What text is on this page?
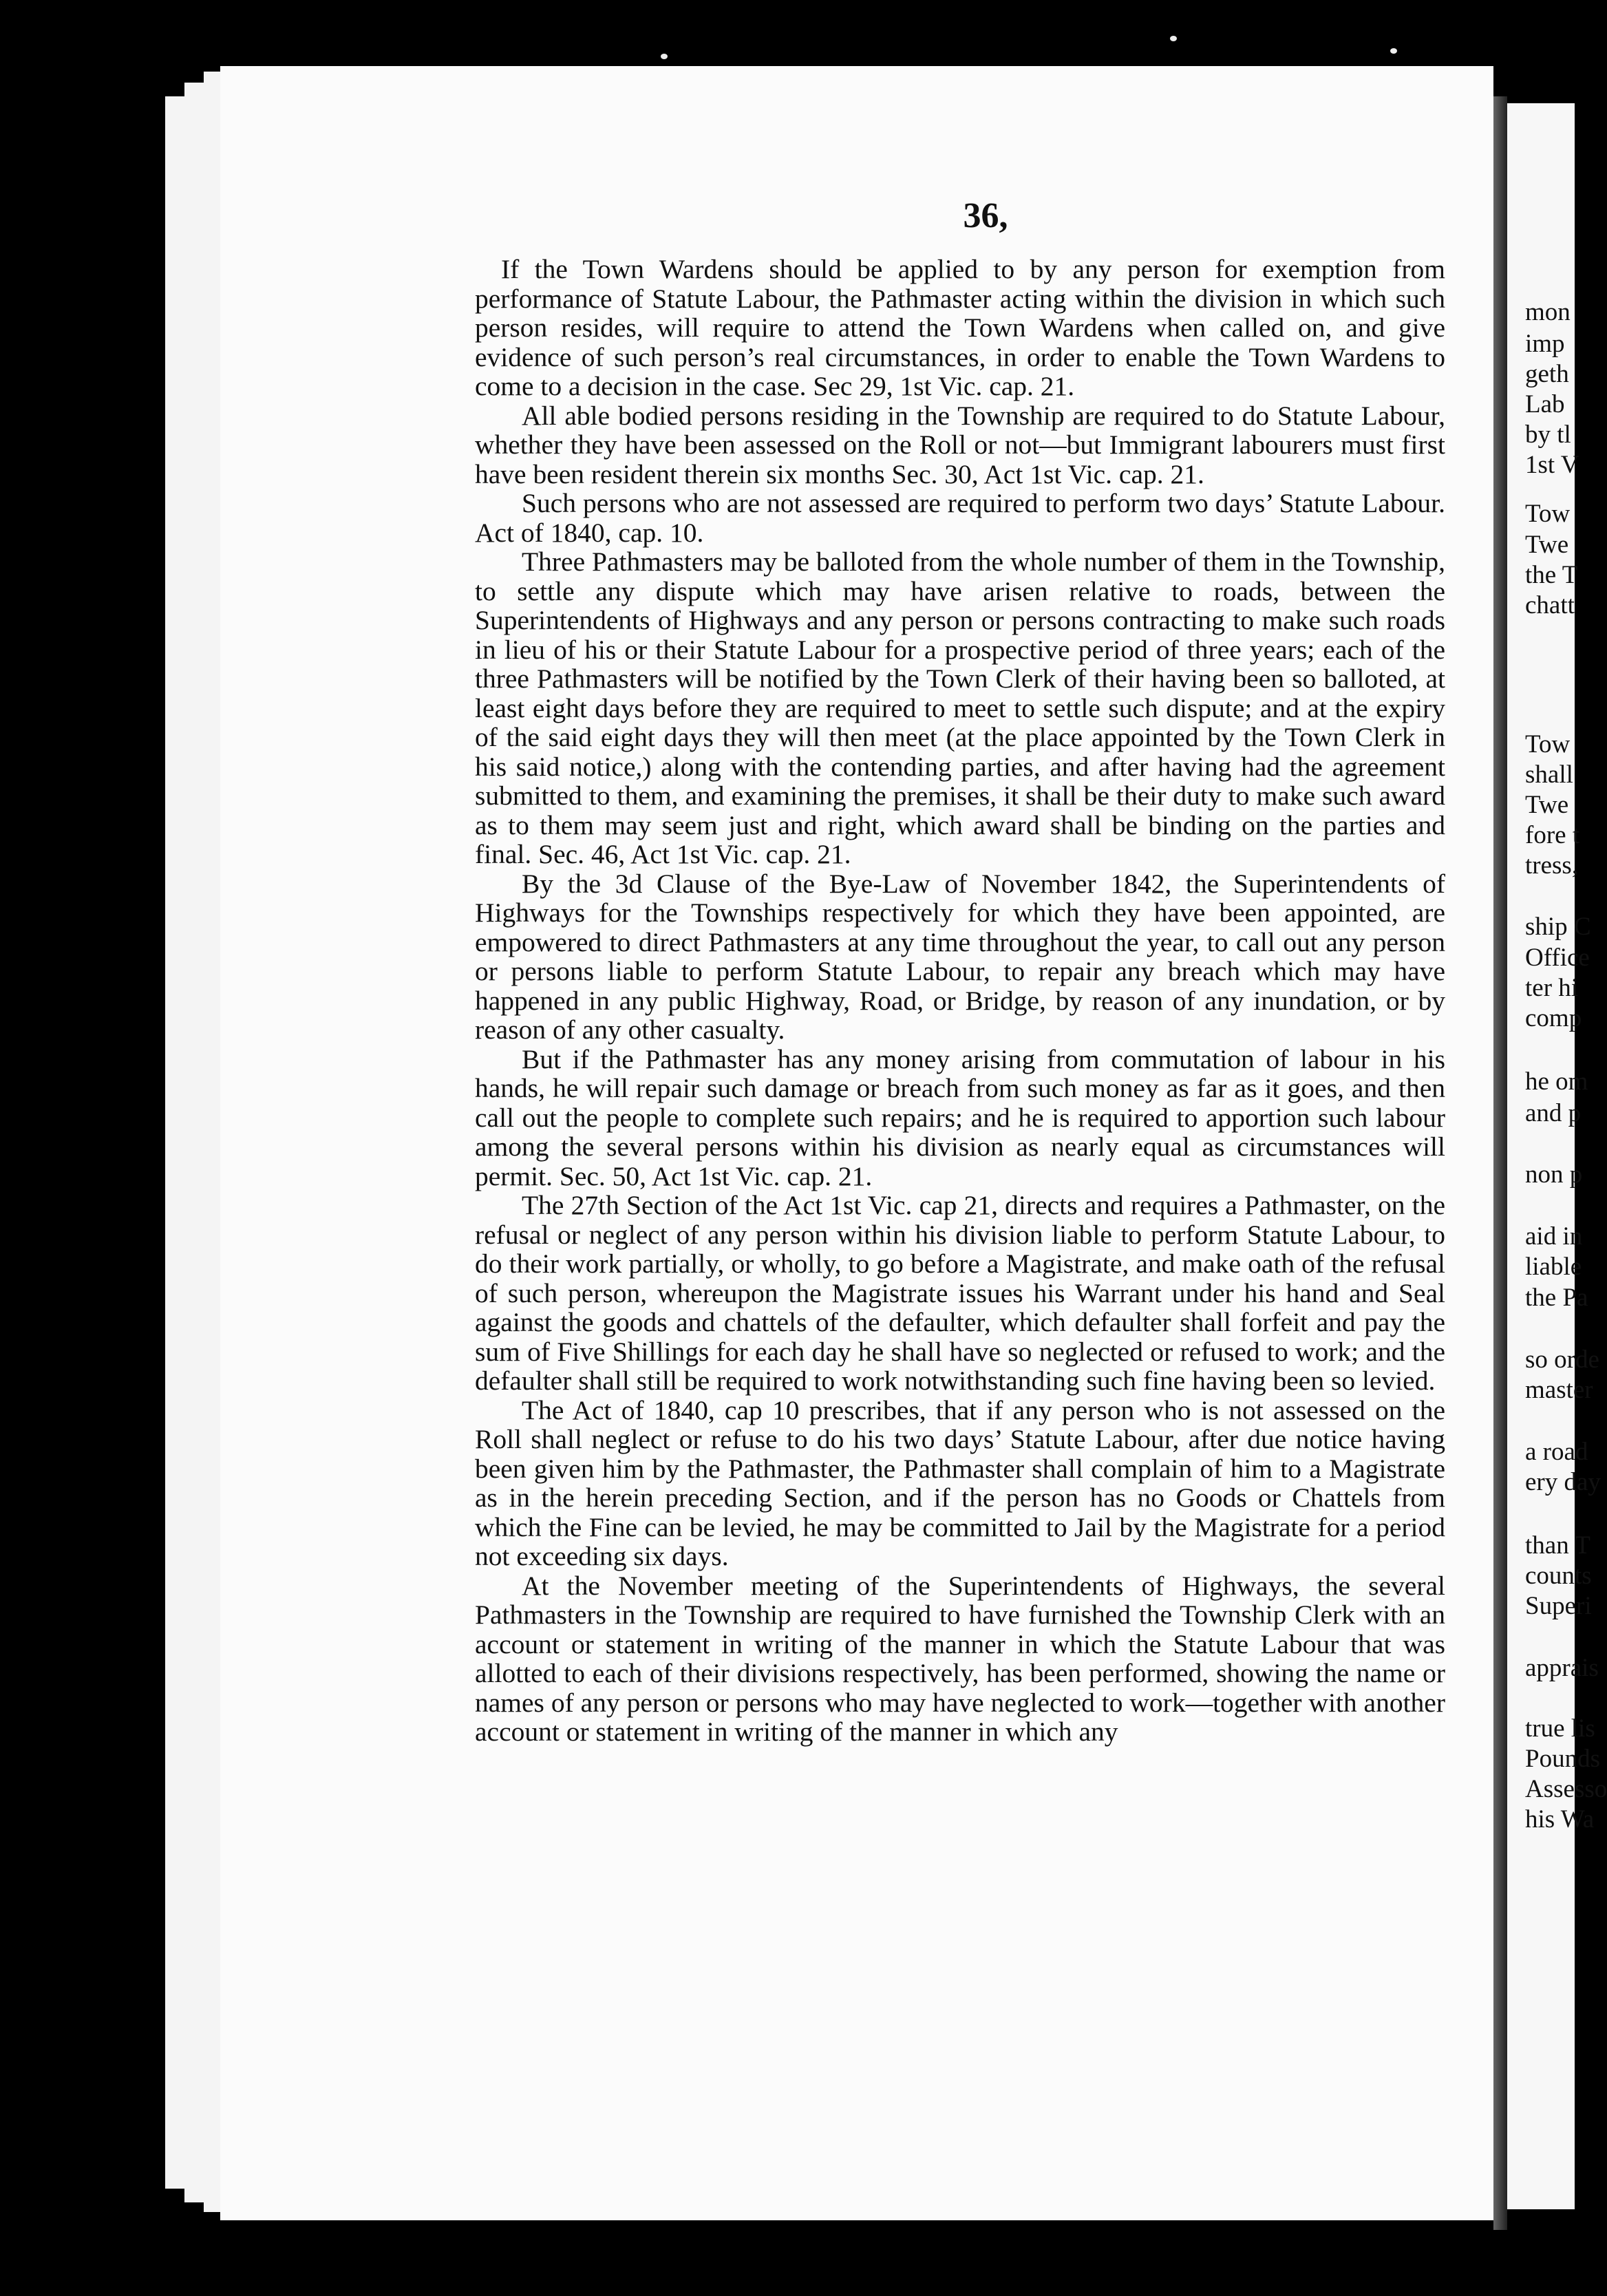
36,

If the Town Wardens should be applied to by any person for exemption from performance of Statute Labour, the Pathmaster acting within the division in which such person resides, will require to attend the Town Wardens when called on, and give evidence of such person’s real circumstances, in order to enable the Town Wardens to come to a decision in the case. Sec 29, 1st Vic. cap. 21.

All able bodied persons residing in the Township are required to do Statute Labour, whether they have been assessed on the Roll or not—but Immigrant labourers must first have been resident therein six months Sec. 30, Act 1st Vic. cap. 21.

Such persons who are not assessed are required to perform two days’ Statute Labour. Act of 1840, cap. 10.

Three Pathmasters may be balloted from the whole number of them in the Township, to settle any dispute which may have arisen relative to roads, between the Superintendents of Highways and any person or persons contracting to make such roads in lieu of his or their Statute Labour for a prospective period of three years; each of the three Pathmasters will be notified by the Town Clerk of their having been so balloted, at least eight days before they are required to meet to settle such dispute; and at the expiry of the said eight days they will then meet (at the place appointed by the Town Clerk in his said notice,) along with the contending parties, and after having had the agreement submitted to them, and examining the premises, it shall be their duty to make such award as to them may seem just and right, which award shall be binding on the parties and final. Sec. 46, Act 1st Vic. cap. 21.

By the 3d Clause of the Bye-Law of November 1842, the Superintendents of Highways for the Townships respectively for which they have been appointed, are empowered to direct Pathmasters at any time throughout the year, to call out any person or persons liable to perform Statute Labour, to repair any breach which may have happened in any public Highway, Road, or Bridge, by reason of any inundation, or by reason of any other casualty.

But if the Pathmaster has any money arising from commutation of labour in his hands, he will repair such damage or breach from such money as far as it goes, and then call out the people to complete such repairs; and he is required to apportion such labour among the several persons within his division as nearly equal as circumstances will permit. Sec. 50, Act 1st Vic. cap. 21.

The 27th Section of the Act 1st Vic. cap 21, directs and requires a Pathmaster, on the refusal or neglect of any person within his division liable to perform Statute Labour, to do their work partially, or wholly, to go before a Magistrate, and make oath of the refusal of such person, whereupon the Magistrate issues his Warrant under his hand and Seal against the goods and chattels of the defaulter, which defaulter shall forfeit and pay the sum of Five Shillings for each day he shall have so neglected or refused to work; and the defaulter shall still be required to work notwithstanding such fine having been so levied.

The Act of 1840, cap 10 prescribes, that if any person who is not assessed on the Roll shall neglect or refuse to do his two days’ Statute Labour, after due notice having been given him by the Pathmaster, the Pathmaster shall complain of him to a Magistrate as in the herein preceding Section, and if the person has no Goods or Chattels from which the Fine can be levied, he may be committed to Jail by the Magistrate for a period not exceeding six days.

At the November meeting of the Superintendents of Highways, the several Pathmasters in the Township are required to have furnished the Township Clerk with an account or statement in writing of the manner in which the Statute Labour that was allotted to each of their divisions respectively, has been performed, showing the name or names of any person or persons who may have neglected to work—together with another account or statement in writing of the manner in which any

mon
imp
geth
Lab
by tl
1st V
Tow
Twe
the T
chatt
Tow
shall
Twe
fore t
tress,
ship C
Office
ter hi
comp
he om
and p
non p
aid in
liable
the Pa
so orde
master
a road
ery day
than T
counts
Superi
apprais
true lis
Pounds
Assesso
his Wa
